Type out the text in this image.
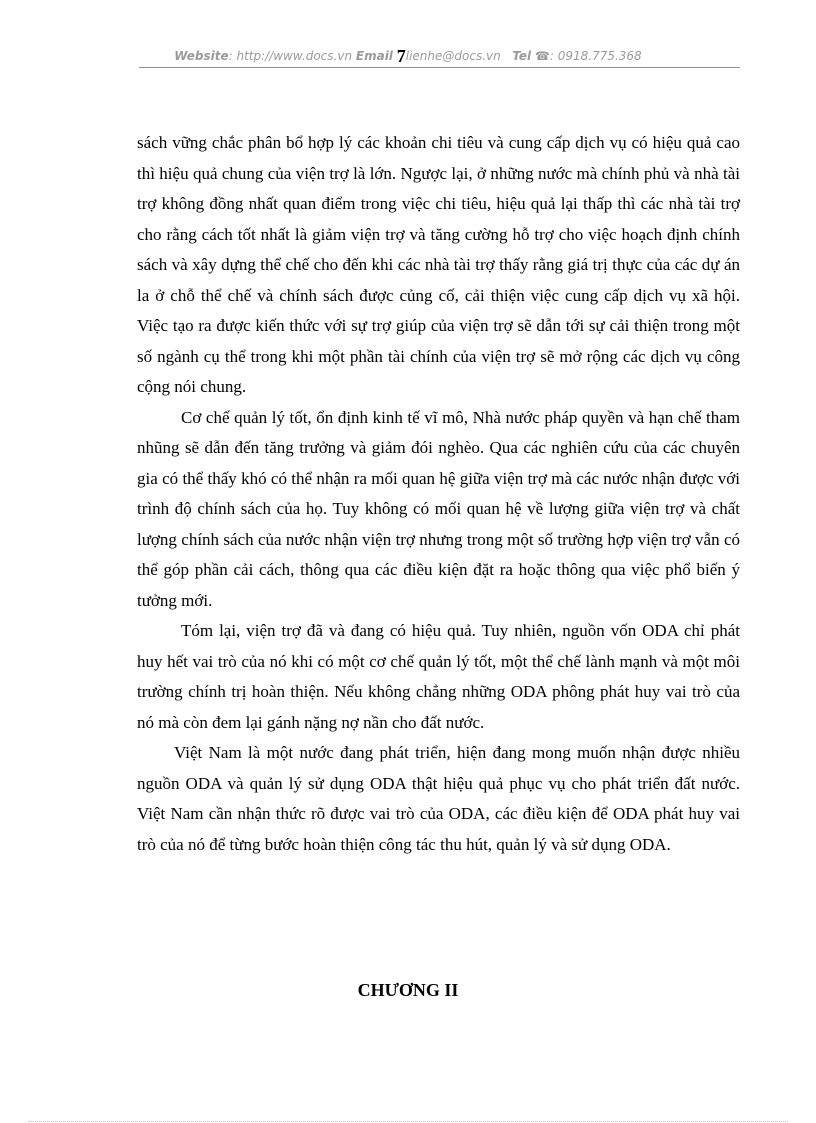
Website: http://www.docs.vn Email 7lienhe@docs.vn Tel ☎: 0918.775.368

sách vững chắc phân bổ hợp lý các khoản chi tiêu và cung cấp dịch vụ có hiệu quả cao thì hiệu quả chung của viện trợ là lớn. Ngược lại, ở những nước mà chính phủ và nhà tài trợ không đồng nhất quan điểm trong việc chi tiêu, hiệu quả lại thấp thì các nhà tài trợ cho rằng cách tốt nhất là giảm viện trợ và tăng cường hỗ trợ cho việc hoạch định chính sách và xây dựng thể chế cho đến khi các nhà tài trợ thấy rằng giá trị thực của các dự án la ở chỗ thể chế và chính sách được củng cố, cải thiện việc cung cấp dịch vụ xã hội. Việc tạo ra được kiến thức với sự trợ giúp của viện trợ sẽ dẫn tới sự cải thiện trong một số ngành cụ thể trong khi một phần tài chính của viện trợ sẽ mở rộng các dịch vụ công cộng nói chung.

Cơ chế quản lý tốt, ổn định kinh tế vĩ mô, Nhà nước pháp quyền và hạn chế tham nhũng sẽ dẫn đến tăng trưởng và giảm đói nghèo. Qua các nghiên cứu của các chuyên gia có thể thấy khó có thể nhận ra mối quan hệ giữa viện trợ mà các nước nhận được với trình độ chính sách của họ. Tuy không có mối quan hệ về lượng giữa viện trợ và chất lượng chính sách của nước nhận viện trợ nhưng trong một số trường hợp viện trợ vẫn có thể góp phần cải cách, thông qua các điều kiện đặt ra hoặc thông qua việc phổ biến ý tưởng mới.

Tóm lại, viện trợ đã và đang có hiệu quả. Tuy nhiên, nguồn vốn ODA chỉ phát huy hết vai trò của nó khi có một cơ chế quản lý tốt, một thể chế lành mạnh và một môi trường chính trị hoàn thiện. Nếu không chẳng những ODA phông phát huy vai trò của nó mà còn đem lại gánh nặng nợ nần cho đất nước.

Việt Nam là một nước đang phát triển, hiện đang mong muốn nhận được nhiều nguồn ODA và quản lý sử dụng ODA thật hiệu quả phục vụ cho phát triển đất nước. Việt Nam cần nhận thức rõ được vai trò của ODA, các điều kiện để ODA phát huy vai trò của nó để từng bước hoàn thiện công tác thu hút, quản lý và sử dụng ODA.

CHƯƠNG II
